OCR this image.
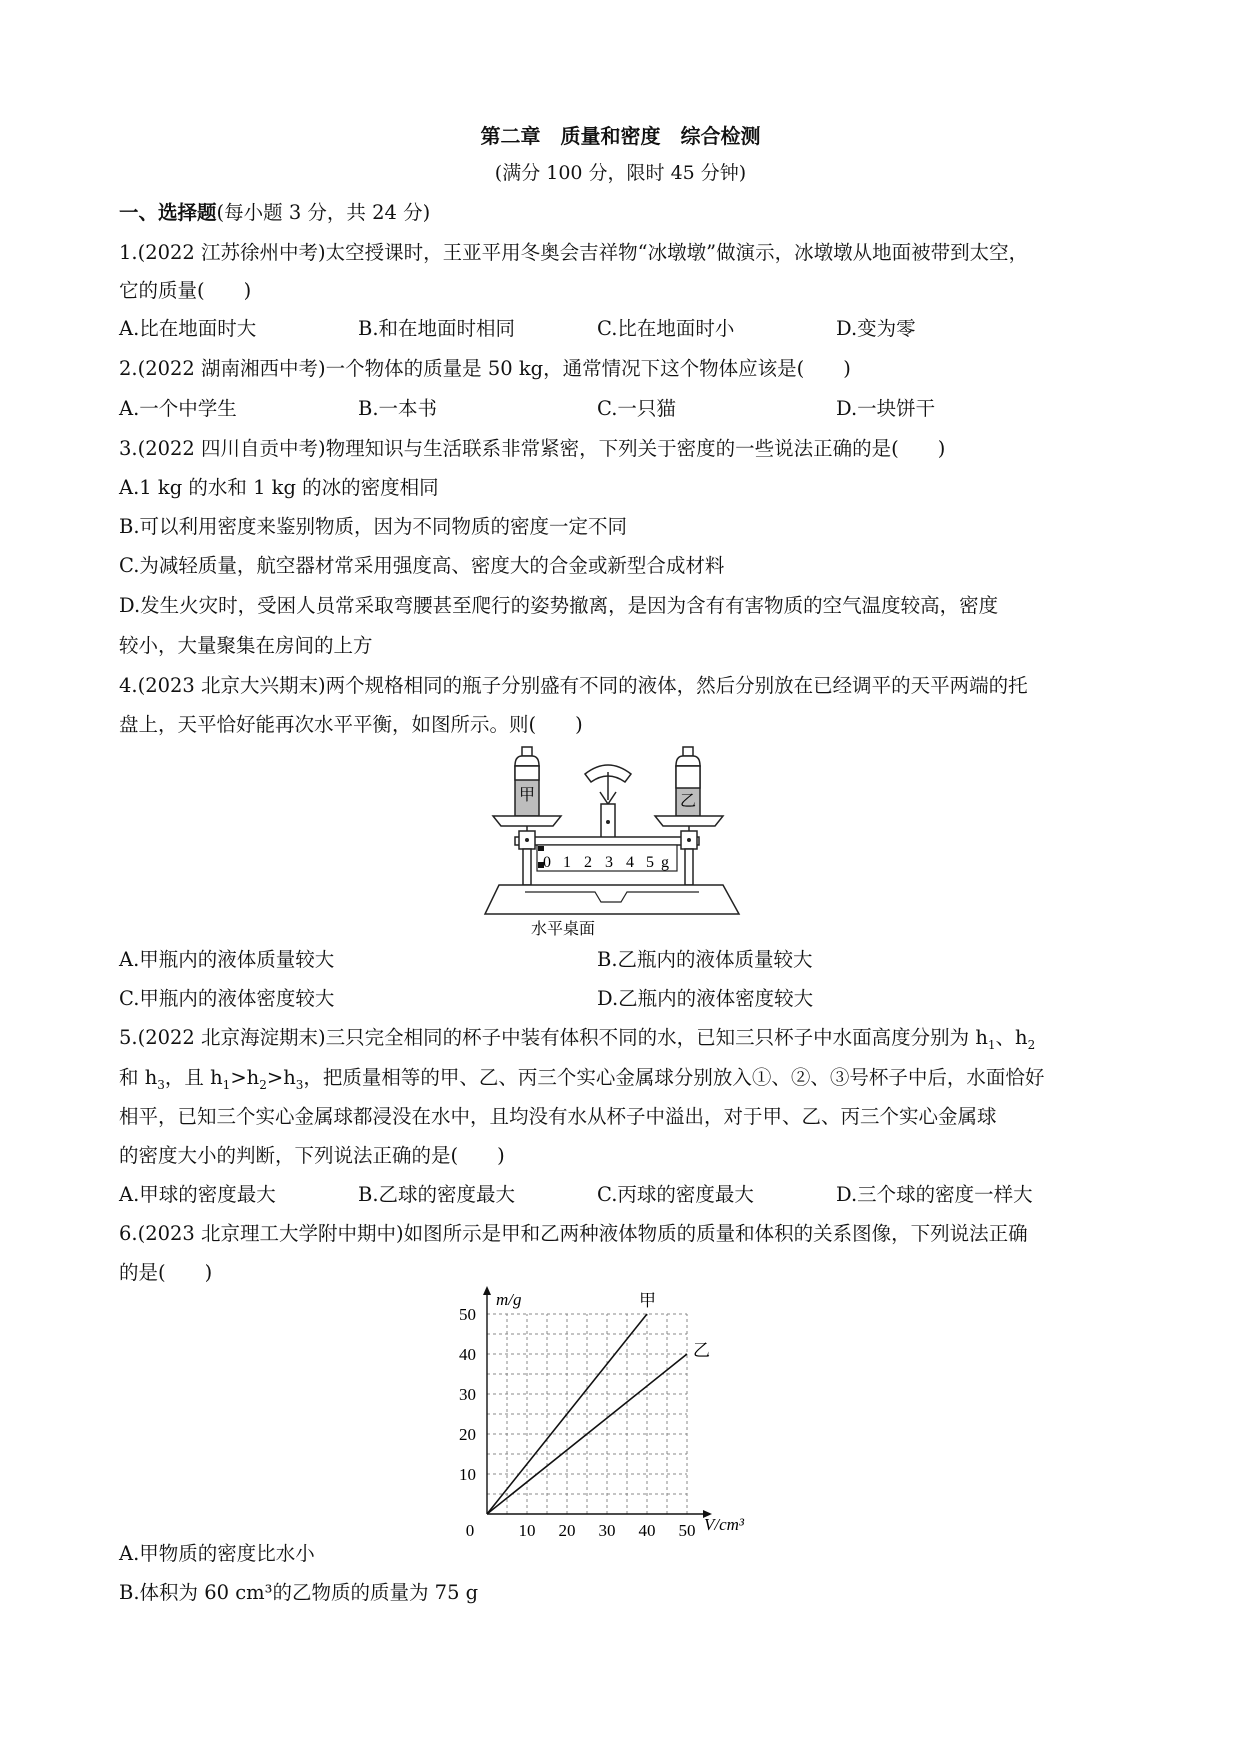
第二章　质量和密度　综合检测
(满分 100 分，限时 45 分钟)
一、选择题(每小题 3 分，共 24 分)
1.(2022 江苏徐州中考)太空授课时，王亚平用冬奥会吉祥物“冰墩墩”做演示，冰墩墩从地面被带到太空，
它的质量(　　)
A.比在地面时大	B.和在地面时相同	C.比在地面时小	D.变为零
2.(2022 湖南湘西中考)一个物体的质量是 50 kg，通常情况下这个物体应该是(　　)
A.一个中学生	B.一本书	C.一只猫	D.一块饼干
3.(2022 四川自贡中考)物理知识与生活联系非常紧密，下列关于密度的一些说法正确的是(　　)
A.1 kg 的水和 1 kg 的冰的密度相同
B.可以利用密度来鉴别物质，因为不同物质的密度一定不同
C.为减轻质量，航空器材常采用强度高、密度大的合金或新型合成材料
D.发生火灾时，受困人员常采取弯腰甚至爬行的姿势撤离，是因为含有有害物质的空气温度较高，密度
较小，大量聚集在房间的上方
4.(2023 北京大兴期末)两个规格相同的瓶子分别盛有不同的液体，然后分别放在已经调平的天平两端的托
盘上，天平恰好能再次水平平衡，如图所示。则(　　)
甲	乙
0 1 2 3 4 5 g
水平桌面
A.甲瓶内的液体质量较大	B.乙瓶内的液体质量较大
C.甲瓶内的液体密度较大	D.乙瓶内的液体密度较大
5.(2022 北京海淀期末)三只完全相同的杯子中装有体积不同的水，已知三只杯子中水面高度分别为 $h_1$、$h_2$
和 $h_3$，且 $h_1>h_2>h_3$，把质量相等的甲、乙、丙三个实心金属球分别放入①、②、③号杯子中后，水面恰好
相平，已知三个实心金属球都浸没在水中，且均没有水从杯子中溢出，对于甲、乙、丙三个实心金属球
的密度大小的判断，下列说法正确的是(　　)
A.甲球的密度最大	B.乙球的密度最大	C.丙球的密度最大	D.三个球的密度一样大
6.(2023 北京理工大学附中期中)如图所示是甲和乙两种液体物质的质量和体积的关系图像，下列说法正确
的是(　　)
m/g
V/cm³
0	10 20 30 40 50
10
20
30
40
50
甲
乙
A.甲物质的密度比水小
B.体积为 60 cm³的乙物质的质量为 75 g
